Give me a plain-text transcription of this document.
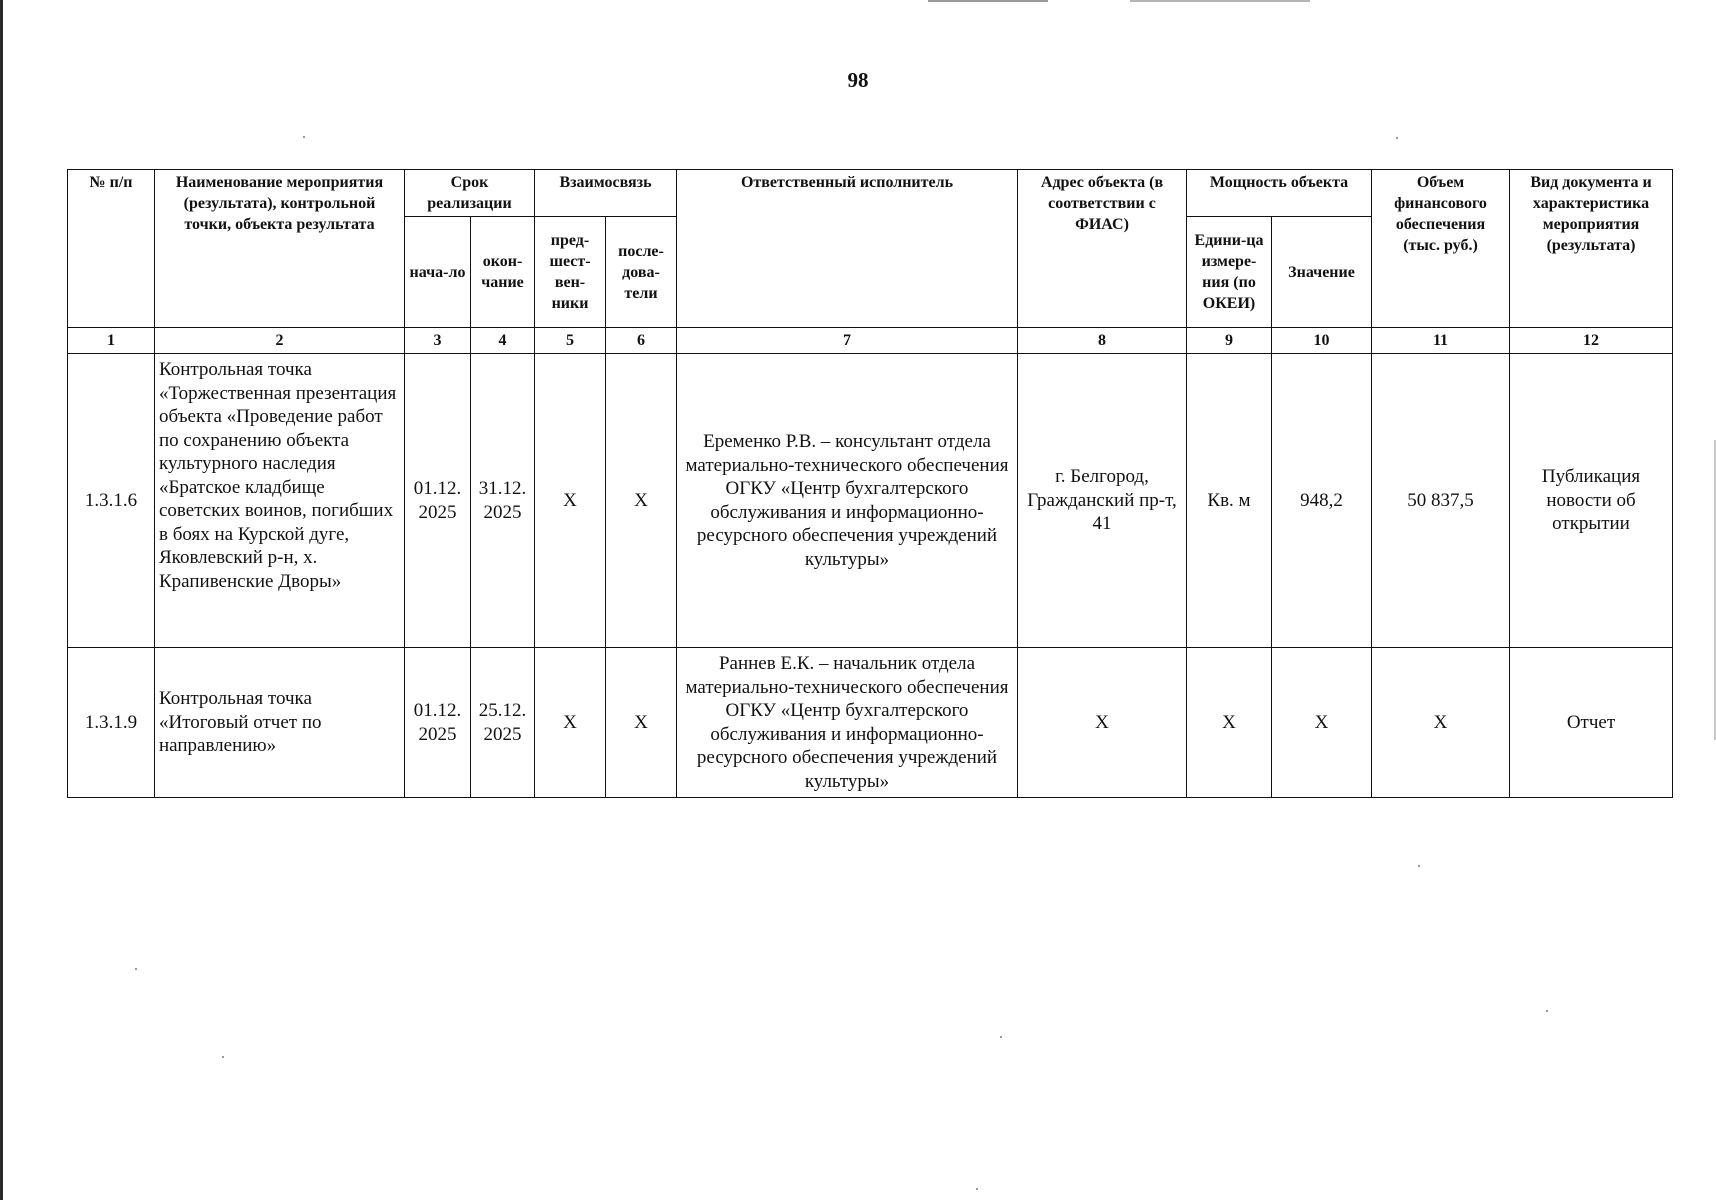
98
№ п/п	Наименование мероприятия (результата), контрольной точки, объекта результата	Срок реализации		Взаимосвязь		Ответственный исполнитель	Адрес объекта (в соответствии с ФИАС)	Мощность объекта		Объем финансового обеспечения (тыс. руб.)	Вид документа и характеристика мероприятия (результата)
		нача-ло	окон-чание	пред-шест-вен-ники	после-дова-тели			Едини-ца измере-ния (по ОКЕИ)	Значение		
1	2	3	4	5	6	7	8	9	10	11	12
1.3.1.6	Контрольная точка «Торжественная презентация объекта «Проведение работ по сохранению объекта культурного наследия «Братское кладбище советских воинов, погибших в боях на Курской дуге, Яковлевский р-н, х. Крапивенские Дворы»	01.12. 2025	31.12. 2025	Х	Х	Еременко Р.В. – консультант отдела материально-технического обеспечения ОГКУ «Центр бухгалтерского обслуживания и информационно-ресурсного обеспечения учреждений культуры»	г. Белгород, Гражданский пр-т, 41	Кв. м	948,2	50 837,5	Публикация новости об открытии
1.3.1.9	Контрольная точка «Итоговый отчет по направлению»	01.12. 2025	25.12. 2025	Х	Х	Раннев Е.К. – начальник отдела материально-технического обеспечения ОГКУ «Центр бухгалтерского обслуживания и информационно-ресурсного обеспечения учреждений культуры»	Х	Х	Х	Х	Отчет
